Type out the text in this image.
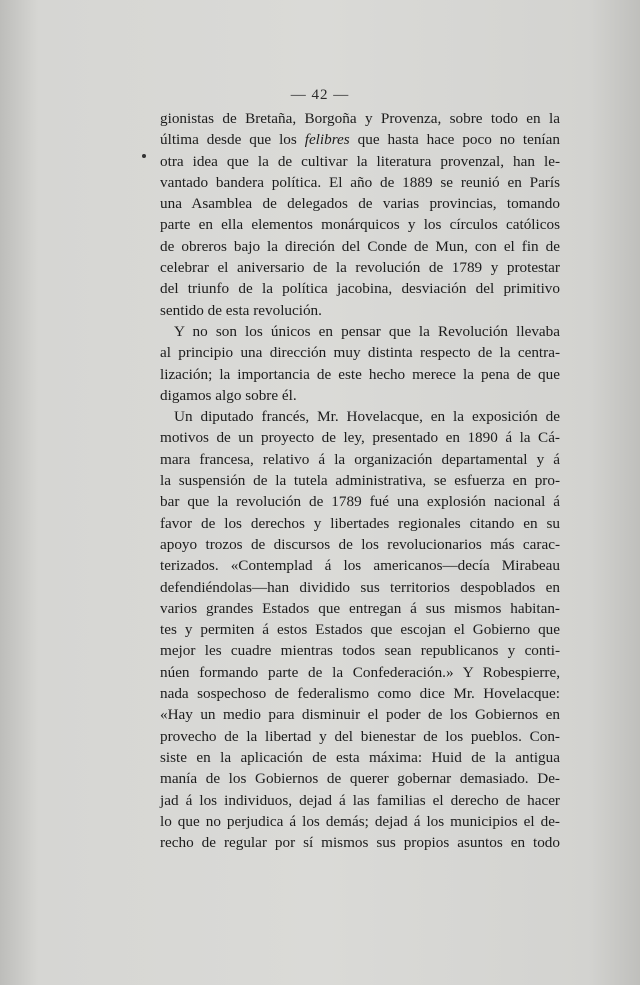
— 42 —
gionistas de Bretaña, Borgoña y Provenza, sobre todo en la
última desde que los felibres que hasta hace poco no tenían
otra idea que la de cultivar la literatura provenzal, han le-
vantado bandera política. El año de 1889 se reunió en París
una Asamblea de delegados de varias provincias, tomando
parte en ella elementos monárquicos y los círculos católicos
de obreros bajo la direción del Conde de Mun, con el fin de
celebrar el aniversario de la revolución de 1789 y protestar
del triunfo de la política jacobina, desviación del primitivo
sentido de esta revolución.
Y no son los únicos en pensar que la Revolución llevaba
al principio una dirección muy distinta respecto de la centra-
lización; la importancia de este hecho merece la pena de que
digamos algo sobre él.
Un diputado francés, Mr. Hovelacque, en la exposición de
motivos de un proyecto de ley, presentado en 1890 á la Cá-
mara francesa, relativo á la organización departamental y á
la suspensión de la tutela administrativa, se esfuerza en pro-
bar que la revolución de 1789 fué una explosión nacional á
favor de los derechos y libertades regionales citando en su
apoyo trozos de discursos de los revolucionarios más carac-
terizados. «Contemplad á los americanos—decía Mirabeau
defendiéndolas—han dividido sus territorios despoblados en
varios grandes Estados que entregan á sus mismos habitan-
tes y permiten á estos Estados que escojan el Gobierno que
mejor les cuadre mientras todos sean republicanos y conti-
núen formando parte de la Confederación.» Y Robespierre,
nada sospechoso de federalismo como dice Mr. Hovelacque:
«Hay un medio para disminuir el poder de los Gobiernos en
provecho de la libertad y del bienestar de los pueblos. Con-
siste en la aplicación de esta máxima: Huid de la antigua
manía de los Gobiernos de querer gobernar demasiado. De-
jad á los individuos, dejad á las familias el derecho de hacer
lo que no perjudica á los demás; dejad á los municipios el de-
recho de regular por sí mismos sus propios asuntos en todo
